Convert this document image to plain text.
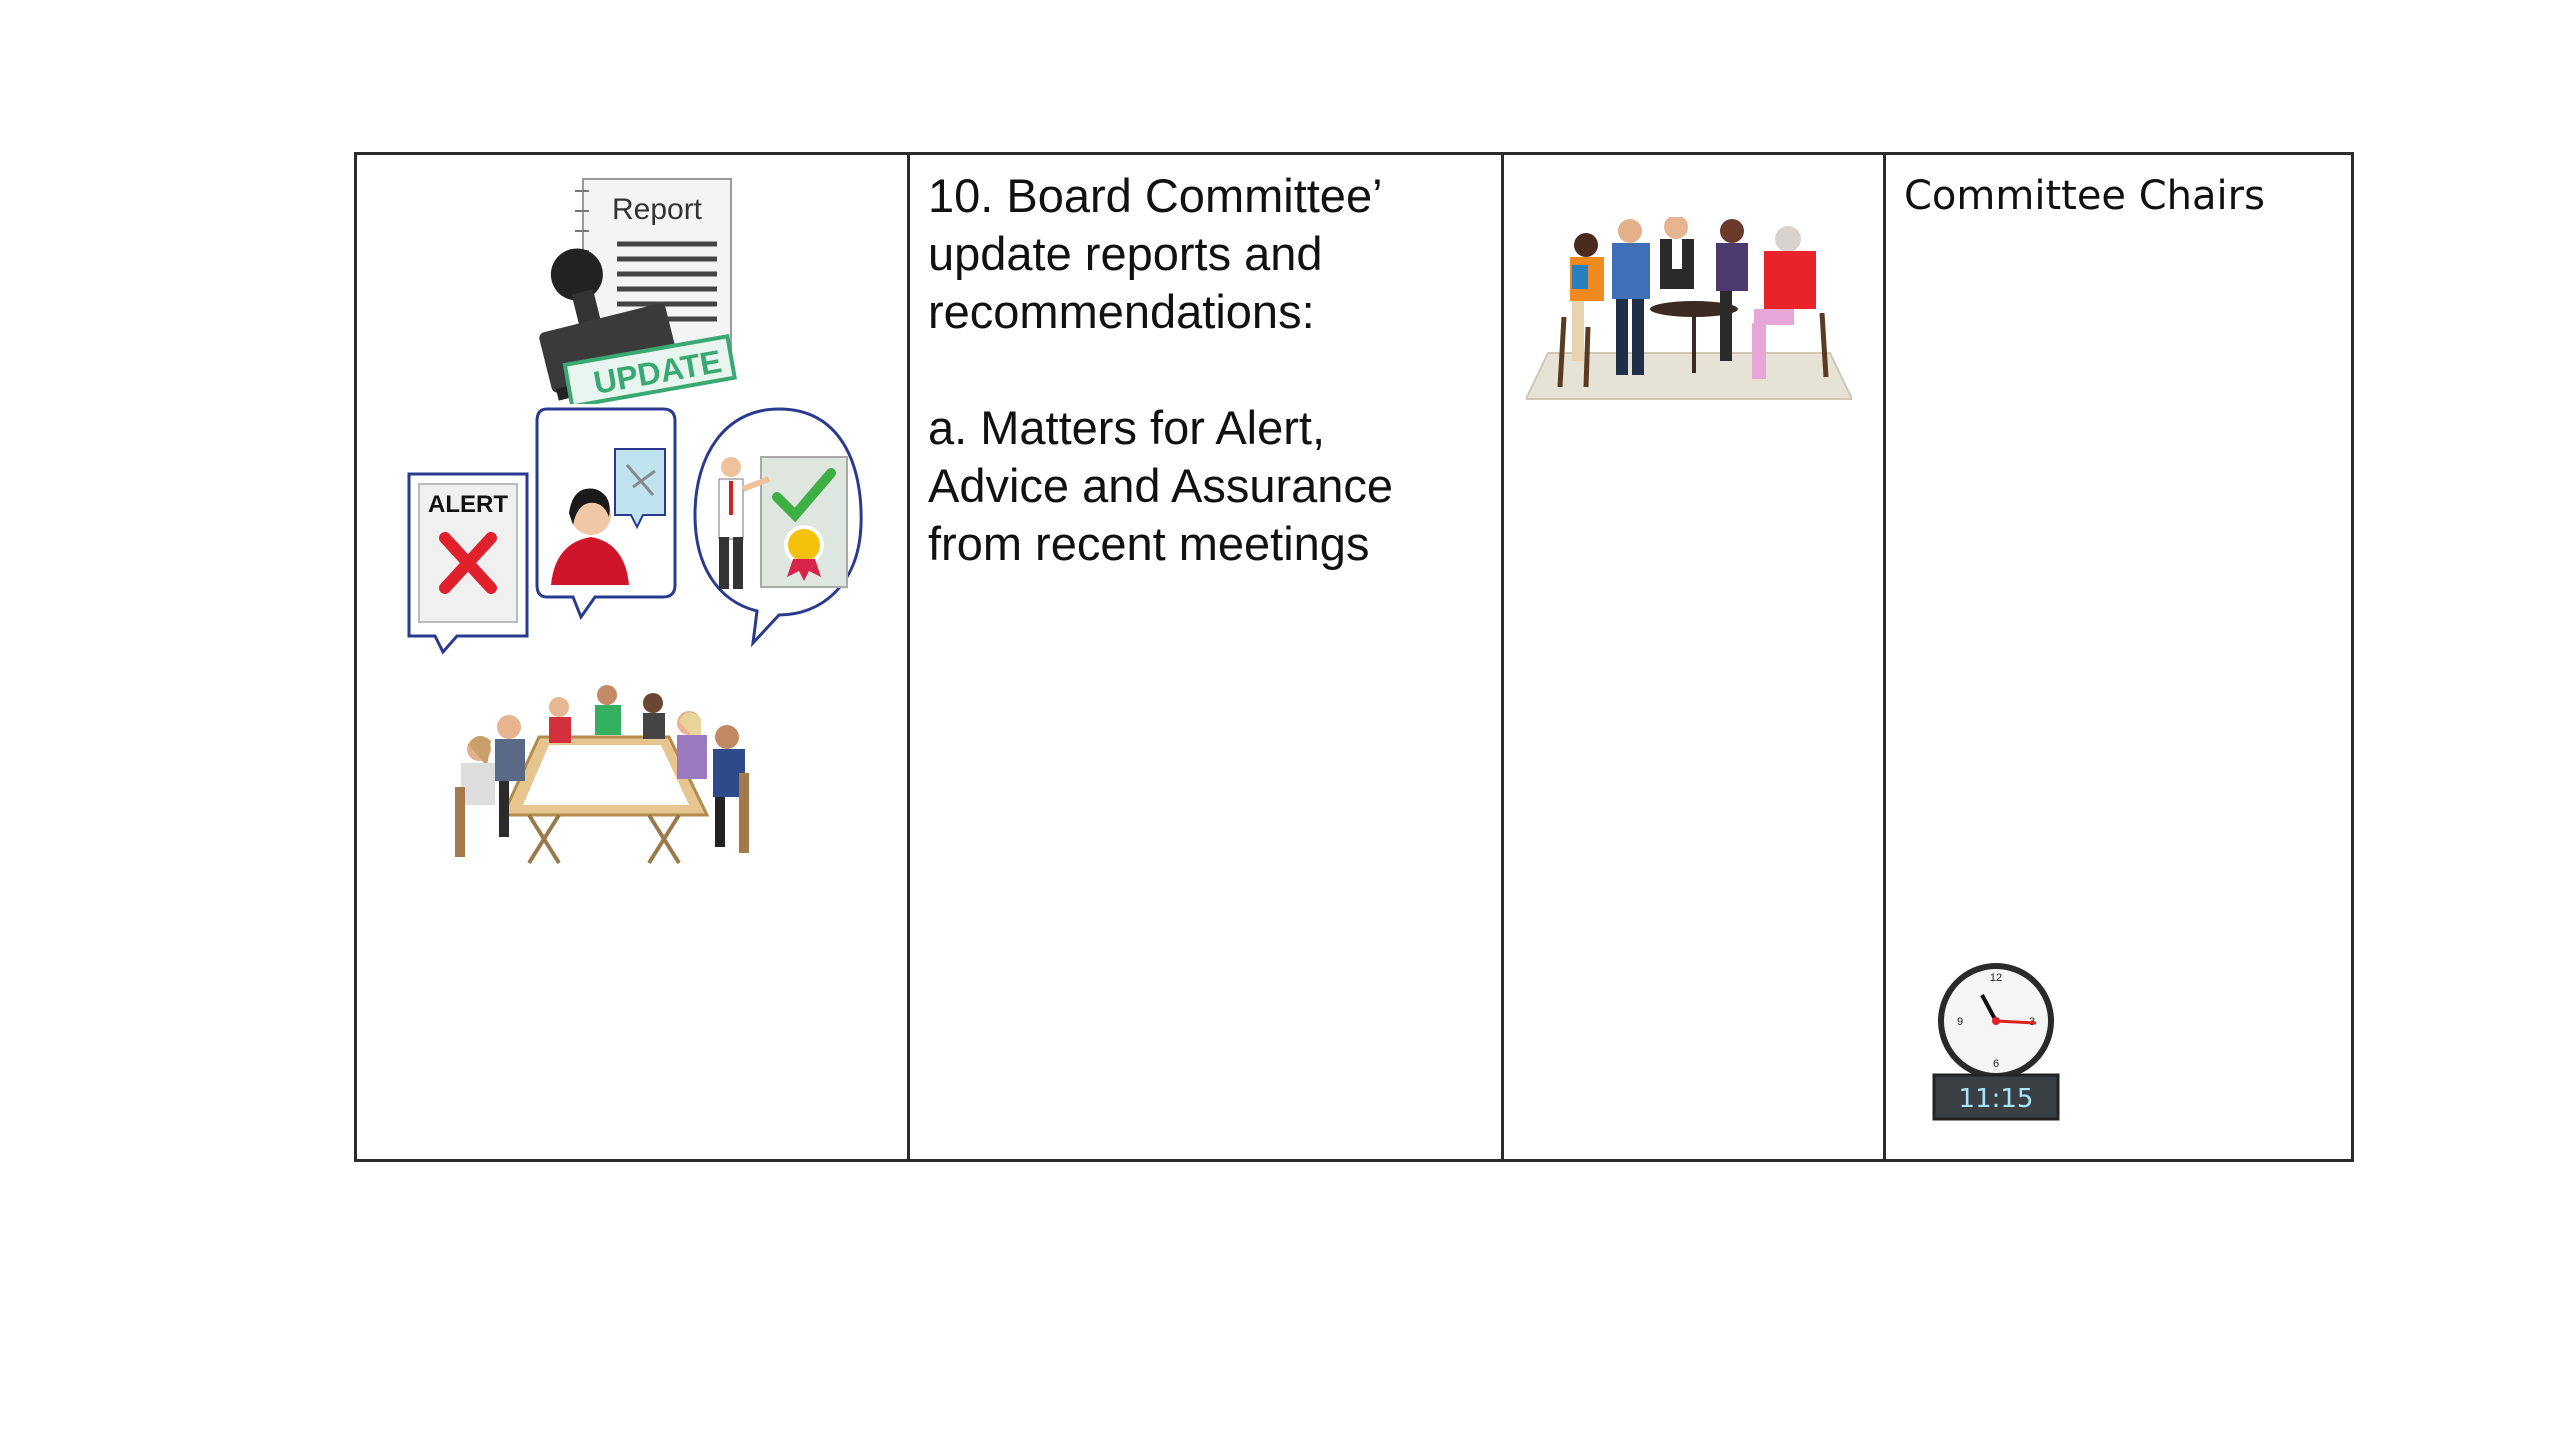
Report
UPDATE
ALERT

10. Board Committee’

update reports and

recommendations:

a. Matters for Alert,

Advice and Assurance

from recent meetings

Committee Chairs
12
6
9
11:15
